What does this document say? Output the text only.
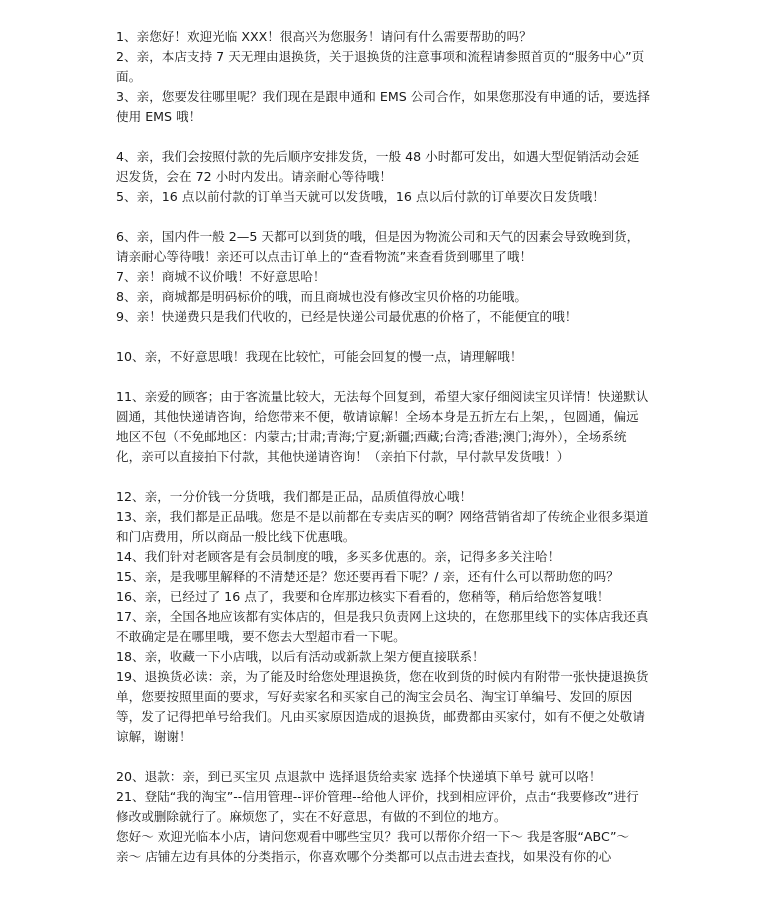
1、亲您好！欢迎光临 XXX！很高兴为您服务！请问有什么需要帮助的吗？

2、亲，本店支持 7 天无理由退换货，关于退换货的注意事项和流程请参照首页的“服务中心”页面。

3、亲，您要发往哪里呢？我们现在是跟申通和 EMS 公司合作，如果您那没有申通的话，要选择使用 EMS 哦！

4、亲，我们会按照付款的先后顺序安排发货，一般 48 小时都可发出，如遇大型促销活动会延迟发货，会在 72 小时内发出。请亲耐心等待哦！

5、亲，16 点以前付款的订单当天就可以发货哦，16 点以后付款的订单要次日发货哦！

6、亲，国内件一般 2—5 天都可以到货的哦，但是因为物流公司和天气的因素会导致晚到货，请亲耐心等待哦！亲还可以点击订单上的“查看物流”来查看货到哪里了哦！

7、亲！商城不议价哦！不好意思哈！

8、亲，商城都是明码标价的哦，而且商城也没有修改宝贝价格的功能哦。

9、亲！快递费只是我们代收的，已经是快递公司最优惠的价格了，不能便宜的哦！

10、亲，不好意思哦！我现在比较忙，可能会回复的慢一点，请理解哦！

11、亲爱的顾客；由于客流量比较大，无法每个回复到，希望大家仔细阅读宝贝详情！快递默认圆通，其他快递请咨询，给您带来不便，敬请谅解！全场本身是五折左右上架，，包圆通，偏远地区不包（不免邮地区：内蒙古;甘肃;青海;宁夏;新疆;西藏;台湾;香港;澳门;海外），全场系统化，亲可以直接拍下付款，其他快递请咨询！（亲拍下付款，早付款早发货哦！）

12、亲，一分价钱一分货哦，我们都是正品，品质值得放心哦！

13、亲，我们都是正品哦。您是不是以前都在专卖店买的啊？网络营销省却了传统企业很多渠道和门店费用，所以商品一般比线下优惠哦。

14、我们针对老顾客是有会员制度的哦，多买多优惠的。亲，记得多多关注哈！

15、亲，是我哪里解释的不清楚还是？您还要再看下呢？/ 亲，还有什么可以帮助您的吗？

16、亲，已经过了 16 点了，我要和仓库那边核实下看看的，您稍等，稍后给您答复哦！

17、亲，全国各地应该都有实体店的，但是我只负责网上这块的，在您那里线下的实体店我还真不敢确定是在哪里哦，要不您去大型超市看一下呢。

18、亲，收藏一下小店哦，以后有活动或新款上架方便直接联系！

19、退换货必读：亲，为了能及时给您处理退换货，您在收到货的时候内有附带一张快捷退换货单，您要按照里面的要求，写好卖家名和买家自己的淘宝会员名、淘宝订单编号、发回的原因等，发了记得把单号给我们。凡由买家原因造成的退换货，邮费都由买家付，如有不便之处敬请谅解，谢谢！

20、退款：亲，到已买宝贝 点退款中 选择退货给卖家 选择个快递填下单号 就可以咯！

21、登陆“我的淘宝”--信用管理--评价管理--给他人评价，找到相应评价，点击“我要修改”进行修改或删除就行了。麻烦您了，实在不好意思，有做的不到位的地方。

您好～ 欢迎光临本小店，请问您观看中哪些宝贝？我可以帮你介绍一下～ 我是客服“ABC”～

亲～ 店铺左边有具体的分类指示，你喜欢哪个分类都可以点击进去查找，如果没有你的心
